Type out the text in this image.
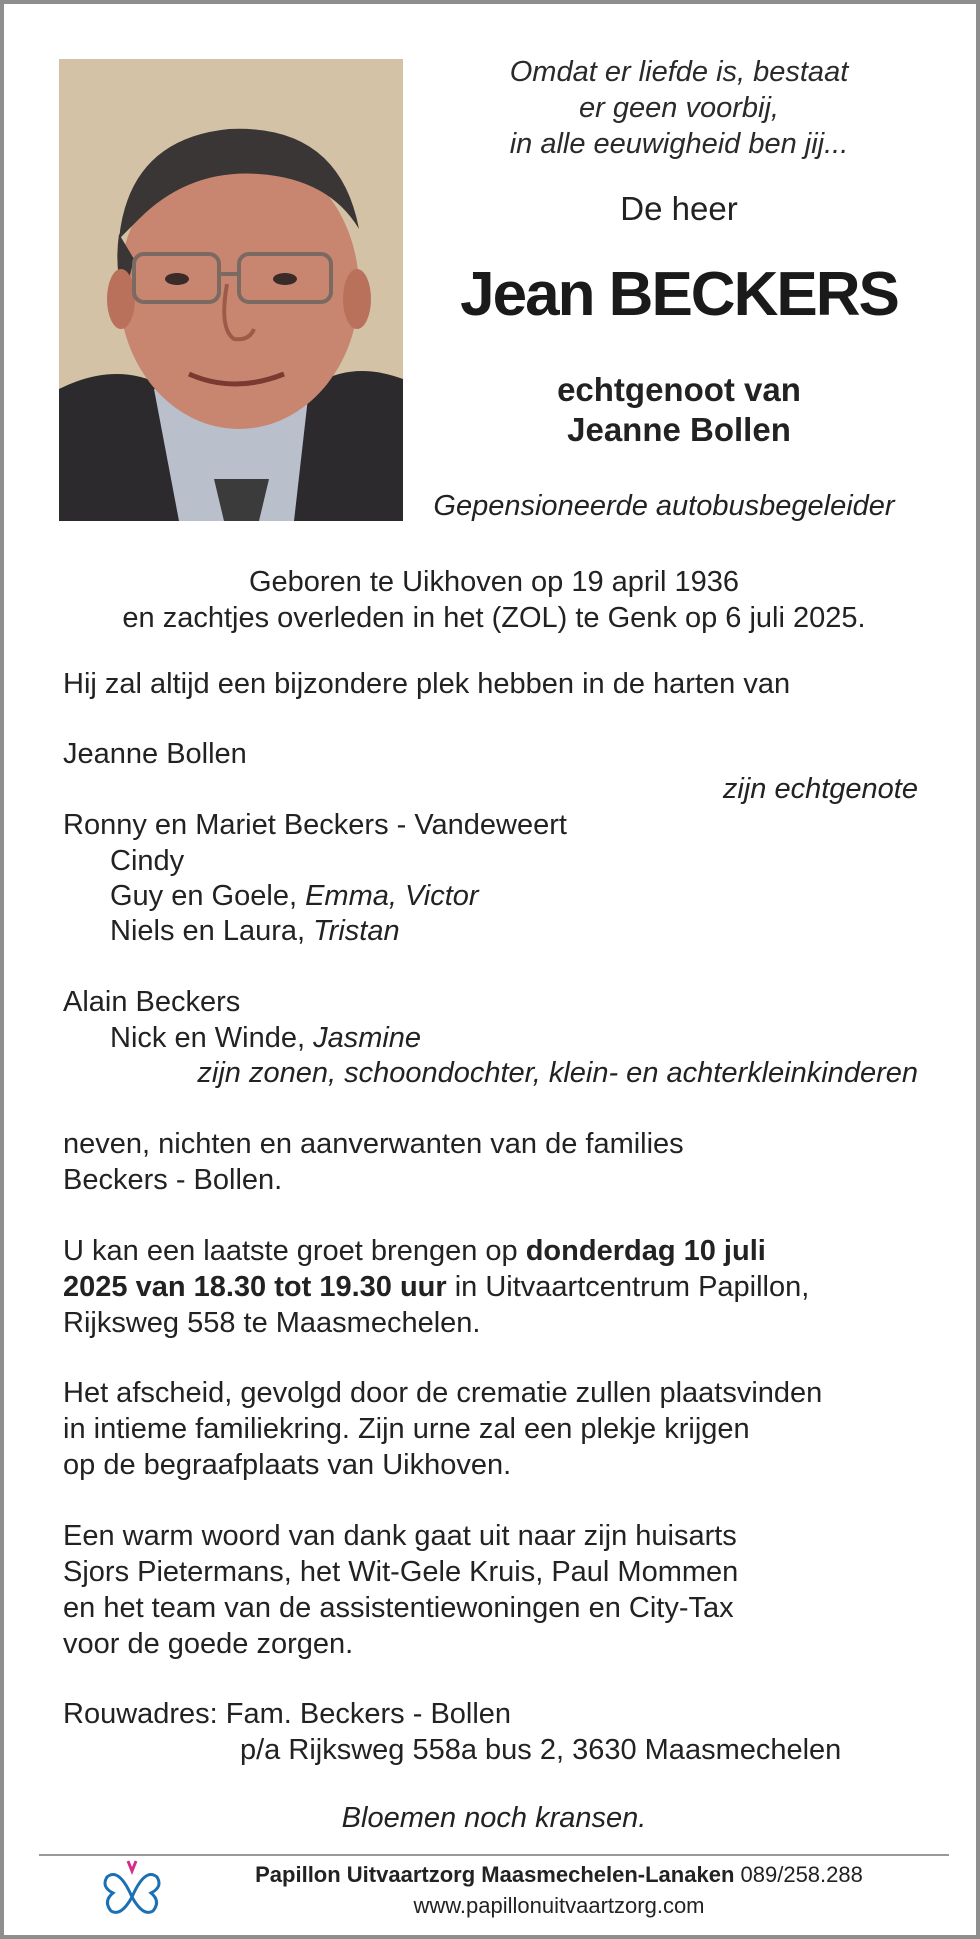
Omdat er liefde is, bestaat
er geen voorbij,
in alle eeuwigheid ben jij...
De heer
Jean BECKERS
echtgenoot van
Jeanne Bollen
Gepensioneerde autobusbegeleider
Geboren te Uikhoven op 19 april 1936
en zachtjes overleden in het (ZOL) te Genk op 6 juli 2025.
Hij zal altijd een bijzondere plek hebben in de harten van
Jeanne Bollen
zijn echtgenote
Ronny en Mariet Beckers - Vandeweert
Cindy
Guy en Goele, Emma, Victor
Niels en Laura, Tristan
Alain Beckers
Nick en Winde, Jasmine
zijn zonen, schoondochter, klein- en achterkleinkinderen
neven, nichten en aanverwanten van de families
Beckers - Bollen.
U kan een laatste groet brengen op donderdag 10 juli
2025 van 18.30 tot 19.30 uur in Uitvaartcentrum Papillon,
Rijksweg 558 te Maasmechelen.
Het afscheid, gevolgd door de crematie zullen plaatsvinden
in intieme familiekring. Zijn urne zal een plekje krijgen
op de begraafplaats van Uikhoven.
Een warm woord van dank gaat uit naar zijn huisarts
Sjors Pietermans, het Wit-Gele Kruis, Paul Mommen
en het team van de assistentiewoningen en City-Tax
voor de goede zorgen.
Rouwadres: Fam. Beckers - Bollen
p/a Rijksweg 558a bus 2, 3630 Maasmechelen
Bloemen noch kransen.
Papillon Uitvaartzorg Maasmechelen-Lanaken 089/258.288
www.papillonuitvaartzorg.com
